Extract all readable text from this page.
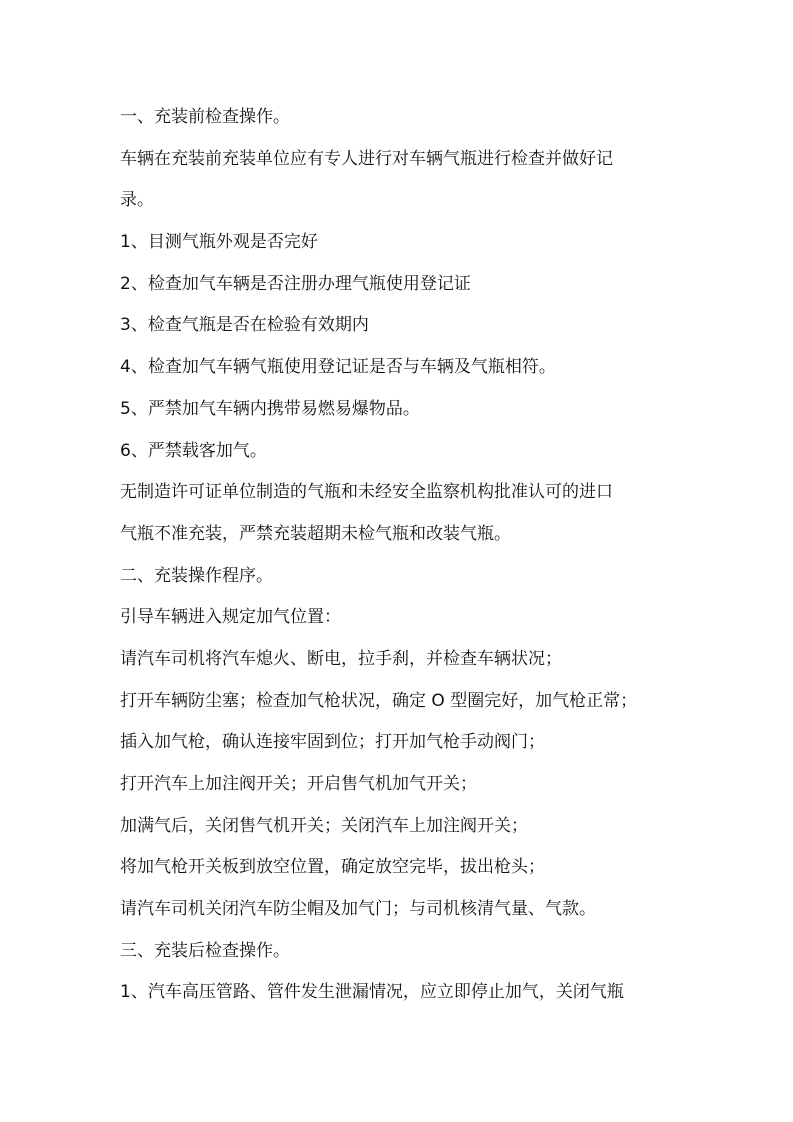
一、充装前检查操作。
车辆在充装前充装单位应有专人进行对车辆气瓶进行检查并做好记
录。
1、目测气瓶外观是否完好
2、检查加气车辆是否注册办理气瓶使用登记证
3、检查气瓶是否在检验有效期内
4、检查加气车辆气瓶使用登记证是否与车辆及气瓶相符。
5、严禁加气车辆内携带易燃易爆物品。
6、严禁载客加气。
无制造许可证单位制造的气瓶和未经安全监察机构批准认可的进口
气瓶不准充装，严禁充装超期未检气瓶和改装气瓶。
二、充装操作程序。
引导车辆进入规定加气位置：
请汽车司机将汽车熄火、断电，拉手刹，并检查车辆状况；
打开车辆防尘塞；检查加气枪状况，确定 O 型圈完好，加气枪正常；
插入加气枪，确认连接牢固到位；打开加气枪手动阀门；
打开汽车上加注阀开关；开启售气机加气开关；
加满气后，关闭售气机开关；关闭汽车上加注阀开关；
将加气枪开关板到放空位置，确定放空完毕，拔出枪头；
请汽车司机关闭汽车防尘帽及加气门；与司机核清气量、气款。
三、充装后检查操作。
1、汽车高压管路、管件发生泄漏情况，应立即停止加气，关闭气瓶
